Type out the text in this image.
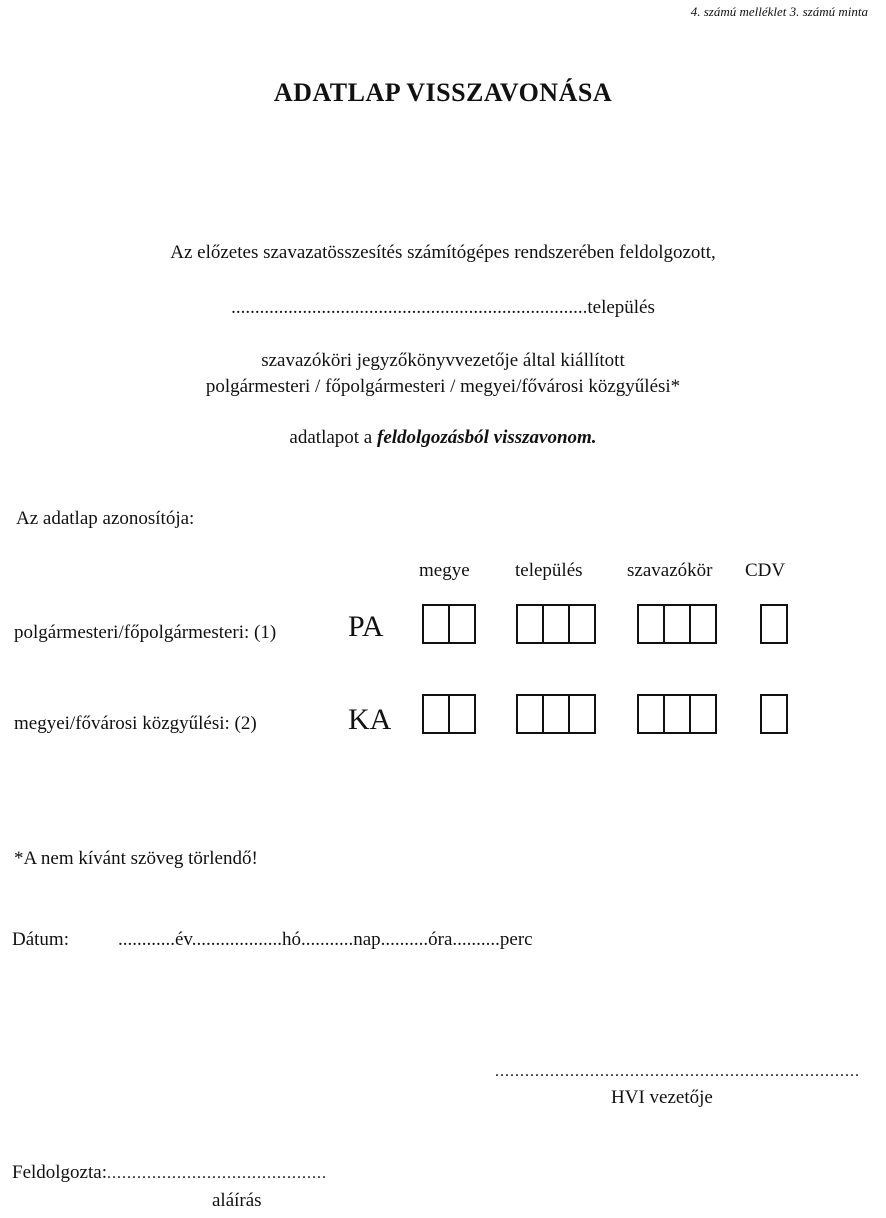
4. számú melléklet 3. számú minta
ADATLAP VISSZAVONÁSA
Az előzetes szavazatösszesítés számítógépes rendszerében feldolgozott,
...........................................................................település
szavazóköri jegyzőkönyvvezetője által kiállított
polgármesteri / főpolgármesteri / megyei/fővárosi közgyűlési*
adatlapot a feldolgozásból visszavonom.
Az adatlap azonosítója:
megye település szavazókör CDV
polgármesteri/főpolgármesteri: (1) PA
megyei/fővárosi közgyűlési: (2)	KA
*A nem kívánt szöveg törlendő!
Dátum:	............év...................hó...........nap..........óra..........perc
.........................................................................
HVI vezetője
Feldolgozta:............................................
aláírás
